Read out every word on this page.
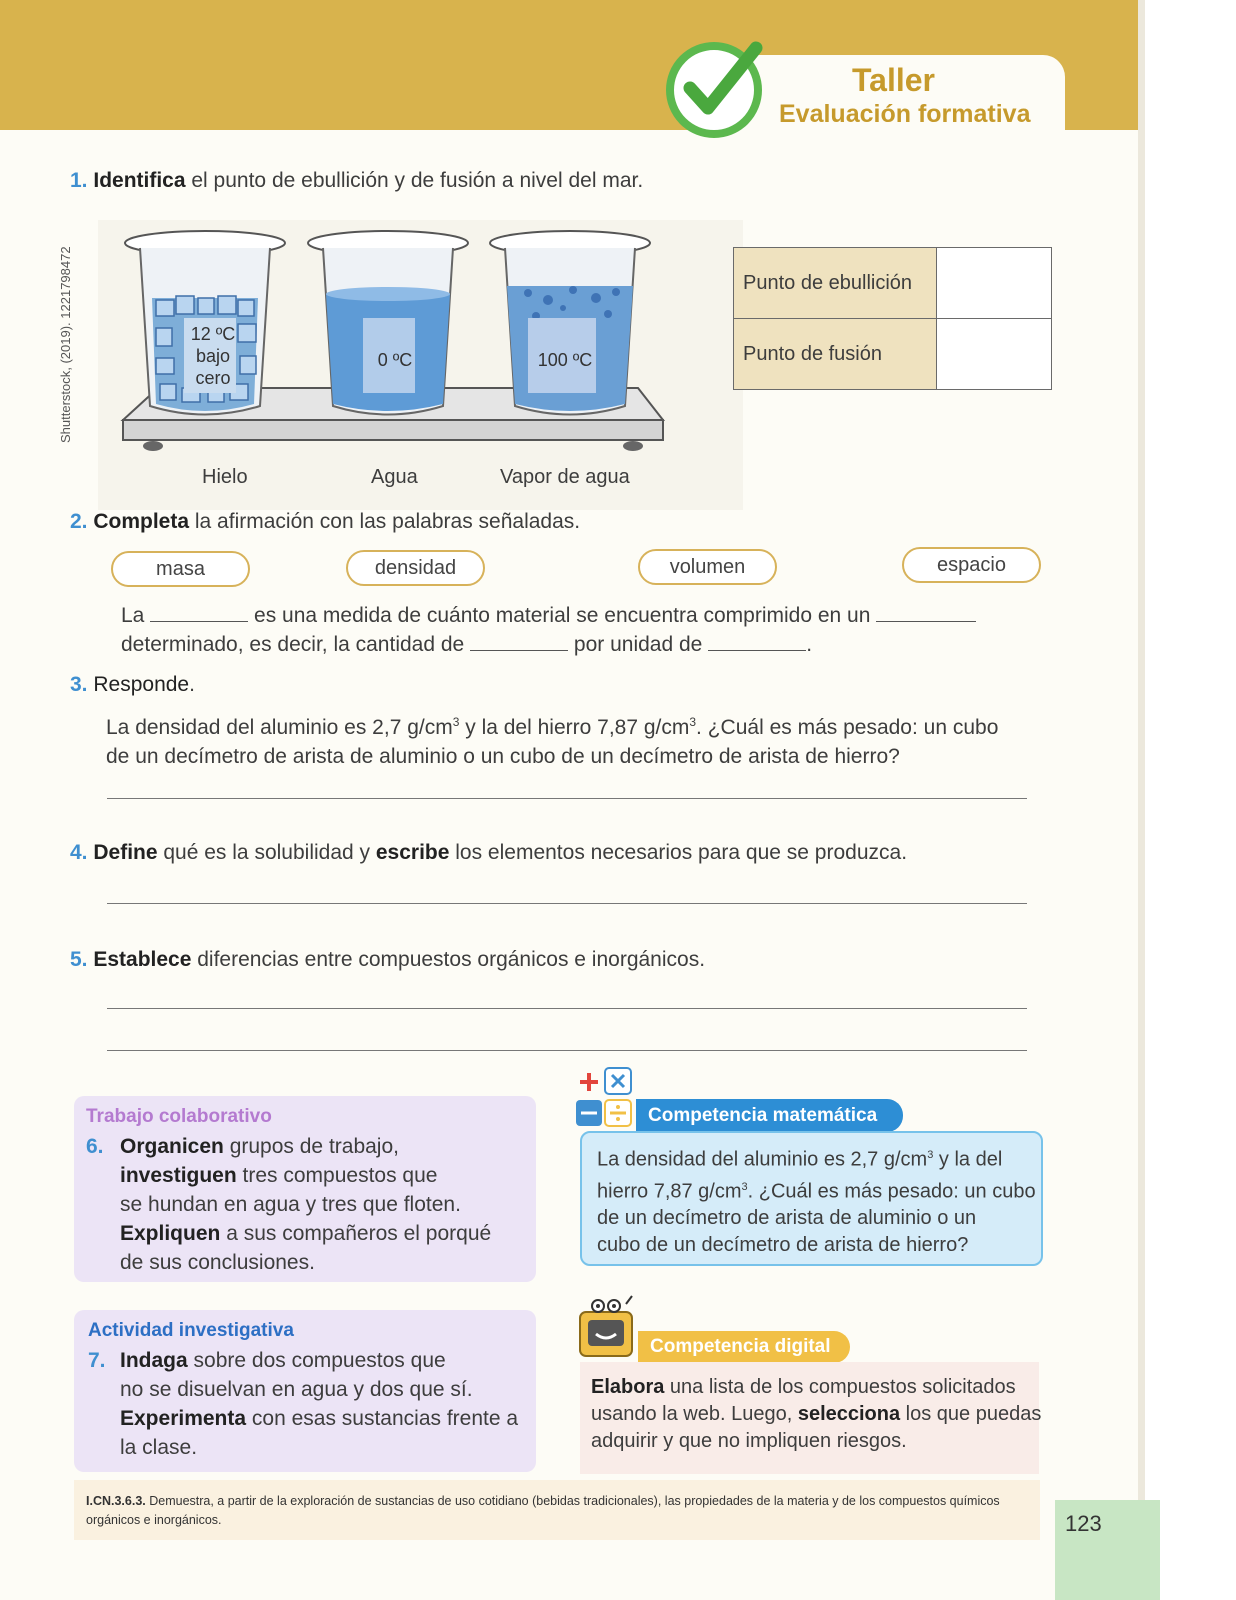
Taller
Evaluación formativa
1. Identifica el punto de ebullición y de fusión a nivel del mar.
Shutterstock, (2019). 1221798472	12 ºC
bajo
cero
0 ºC	100 ºC
Hielo	Agua	Vapor de agua
Punto de ebullición	
Punto de fusión	
2. Completa la afirmación con las palabras señaladas.
masa	densidad	volumen	espacio
La	es una medida de cuánto material se encuentra comprimido en un
determinado, es decir, la cantidad de	por unidad de	.
3. Responde.
La densidad del aluminio es 2,7 $g/cm^3$ y la del hierro 7,87 $g/cm^3$. ¿Cuál es más pesado: un cubo
de un decímetro de arista de aluminio o un cubo de un decímetro de arista de hierro?
4. Define qué es la solubilidad y escribe los elementos necesarios para que se produzca.
5. Establece diferencias entre compuestos orgánicos e inorgánicos.
Trabajo colaborativo
6. Organicen grupos de trabajo,
investiguen tres compuestos que
se hundan en agua y tres que floten.
Expliquen a sus compañeros el porqué
de sus conclusiones.
Competencia matemática
La densidad del aluminio es 2,7 $g/cm^3$ y la del
hierro 7,87 $g/cm^3$. ¿Cuál es más pesado: un cubo
de un decímetro de arista de aluminio o un
cubo de un decímetro de arista de hierro?
Actividad investigativa
7. Indaga sobre dos compuestos que
no se disuelvan en agua y dos que sí.
Experimenta con esas sustancias frente a
la clase.
Competencia digital
Elabora una lista de los compuestos solicitados
usando la web. Luego, selecciona los que puedas
adquirir y que no impliquen riesgos.
I.CN.3.6.3. Demuestra, a partir de la exploración de sustancias de uso cotidiano (bebidas tradicionales), las propiedades de la materia y de los compuestos químicos
orgánicos e inorgánicos.	123
